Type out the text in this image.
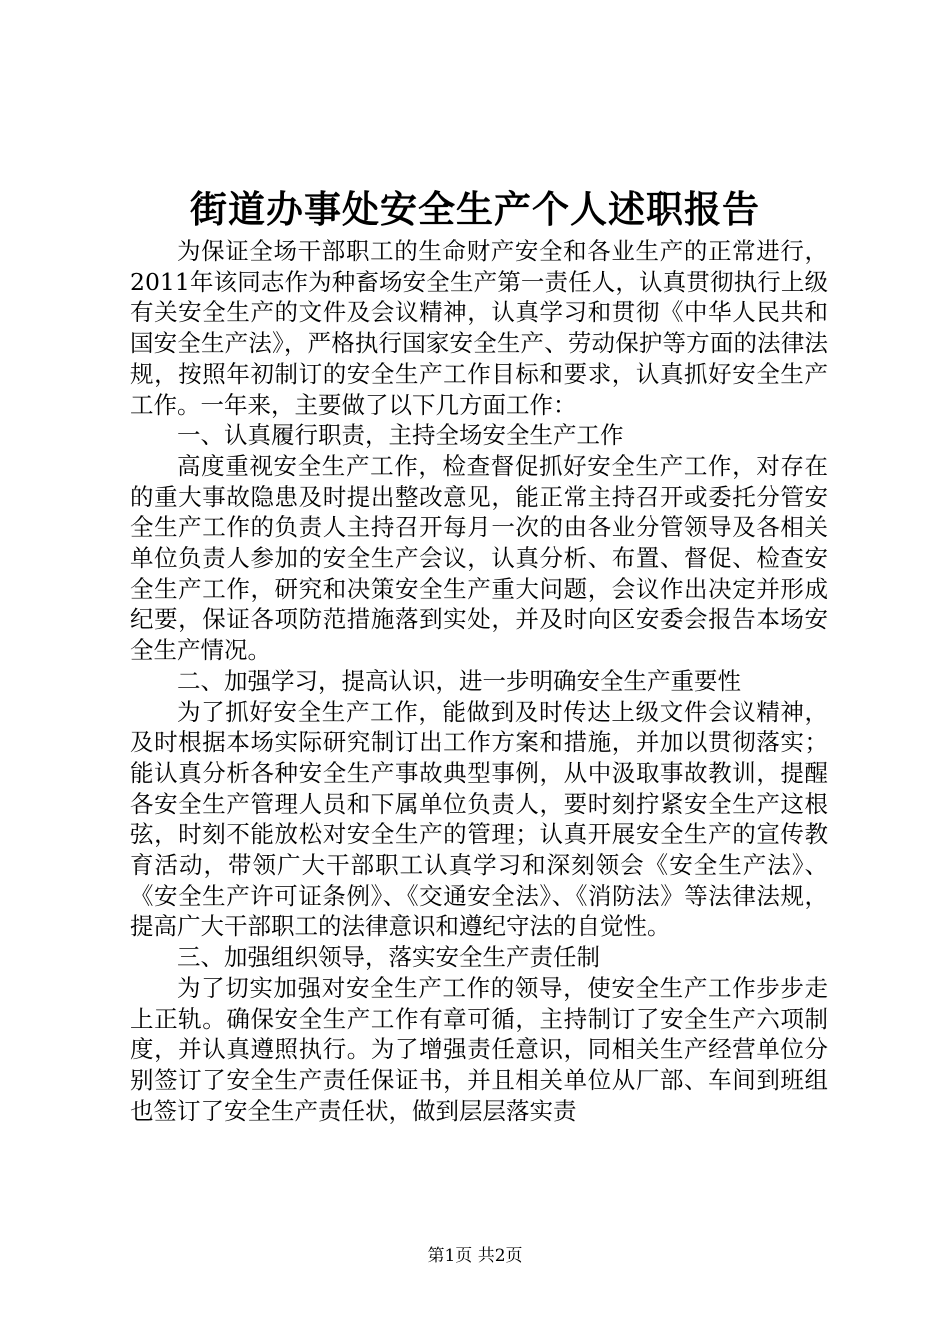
街道办事处安全生产个人述职报告

为保证全场干部职工的生命财产安全和各业生产的正常进行，2011年该同志作为种畜场安全生产第一责任人，认真贯彻执行上级有关安全生产的文件及会议精神，认真学习和贯彻《中华人民共和国安全生产法》，严格执行国家安全生产、劳动保护等方面的法律法规，按照年初制订的安全生产工作目标和要求，认真抓好安全生产工作。一年来，主要做了以下几方面工作：

一、认真履行职责，主持全场安全生产工作

高度重视安全生产工作，检查督促抓好安全生产工作，对存在的重大事故隐患及时提出整改意见，能正常主持召开或委托分管安全生产工作的负责人主持召开每月一次的由各业分管领导及各相关单位负责人参加的安全生产会议，认真分析、布置、督促、检查安全生产工作，研究和决策安全生产重大问题，会议作出决定并形成纪要，保证各项防范措施落到实处，并及时向区安委会报告本场安全生产情况。

二、加强学习，提高认识，进一步明确安全生产重要性

为了抓好安全生产工作，能做到及时传达上级文件会议精神，及时根据本场实际研究制订出工作方案和措施，并加以贯彻落实；能认真分析各种安全生产事故典型事例，从中汲取事故教训，提醒各安全生产管理人员和下属单位负责人，要时刻拧紧安全生产这根弦，时刻不能放松对安全生产的管理；认真开展安全生产的宣传教育活动，带领广大干部职工认真学习和深刻领会《安全生产法》、《安全生产许可证条例》、《交通安全法》、《消防法》等法律法规，提高广大干部职工的法律意识和遵纪守法的自觉性。

三、加强组织领导，落实安全生产责任制

为了切实加强对安全生产工作的领导，使安全生产工作步步走上正轨。确保安全生产工作有章可循，主持制订了安全生产六项制度，并认真遵照执行。为了增强责任意识，同相关生产经营单位分别签订了安全生产责任保证书，并且相关单位从厂部、车间到班组也签订了安全生产责任状，做到层层落实责

第1页 共2页
